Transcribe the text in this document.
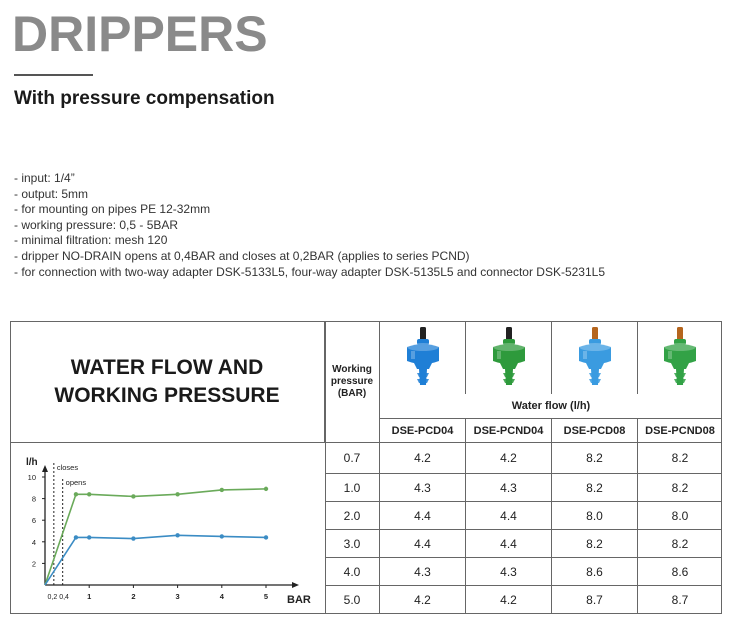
DRIPPERS
With pressure compensation
- input: 1/4”
- output: 5mm
- for mounting on pipes PE 12-32mm
- working pressure: 0,5 - 5BAR
- minimal filtration: mesh 120
- dripper NO-DRAIN opens at 0,4BAR and closes at 0,2BAR (applies to series PCND)
- for connection with two-way adapter DSK-5133L5, four-way adapter DSK-5135L5 and connector DSK-5231L5
WATER FLOW AND
WORKING PRESSURE
Working
pressure
(BAR)
Water flow (l/h)
DSE-PCD04	DSE-PCND04	DSE-PCD08	DSE-PCND08
0.7	4.2	4.2	8.2	8.2
1.0	4.3	4.3	8.2	8.2
2.0	4.4	4.4	8.0	8.0
3.0	4.4	4.4	8.2	8.2
4.0	4.3	4.3	8.6	8.6
5.0	4.2	4.2	8.7	8.7
l/h
BAR
2
4
6
8
10
1	2	3	4	5
0,2 0,4
closes
opens
